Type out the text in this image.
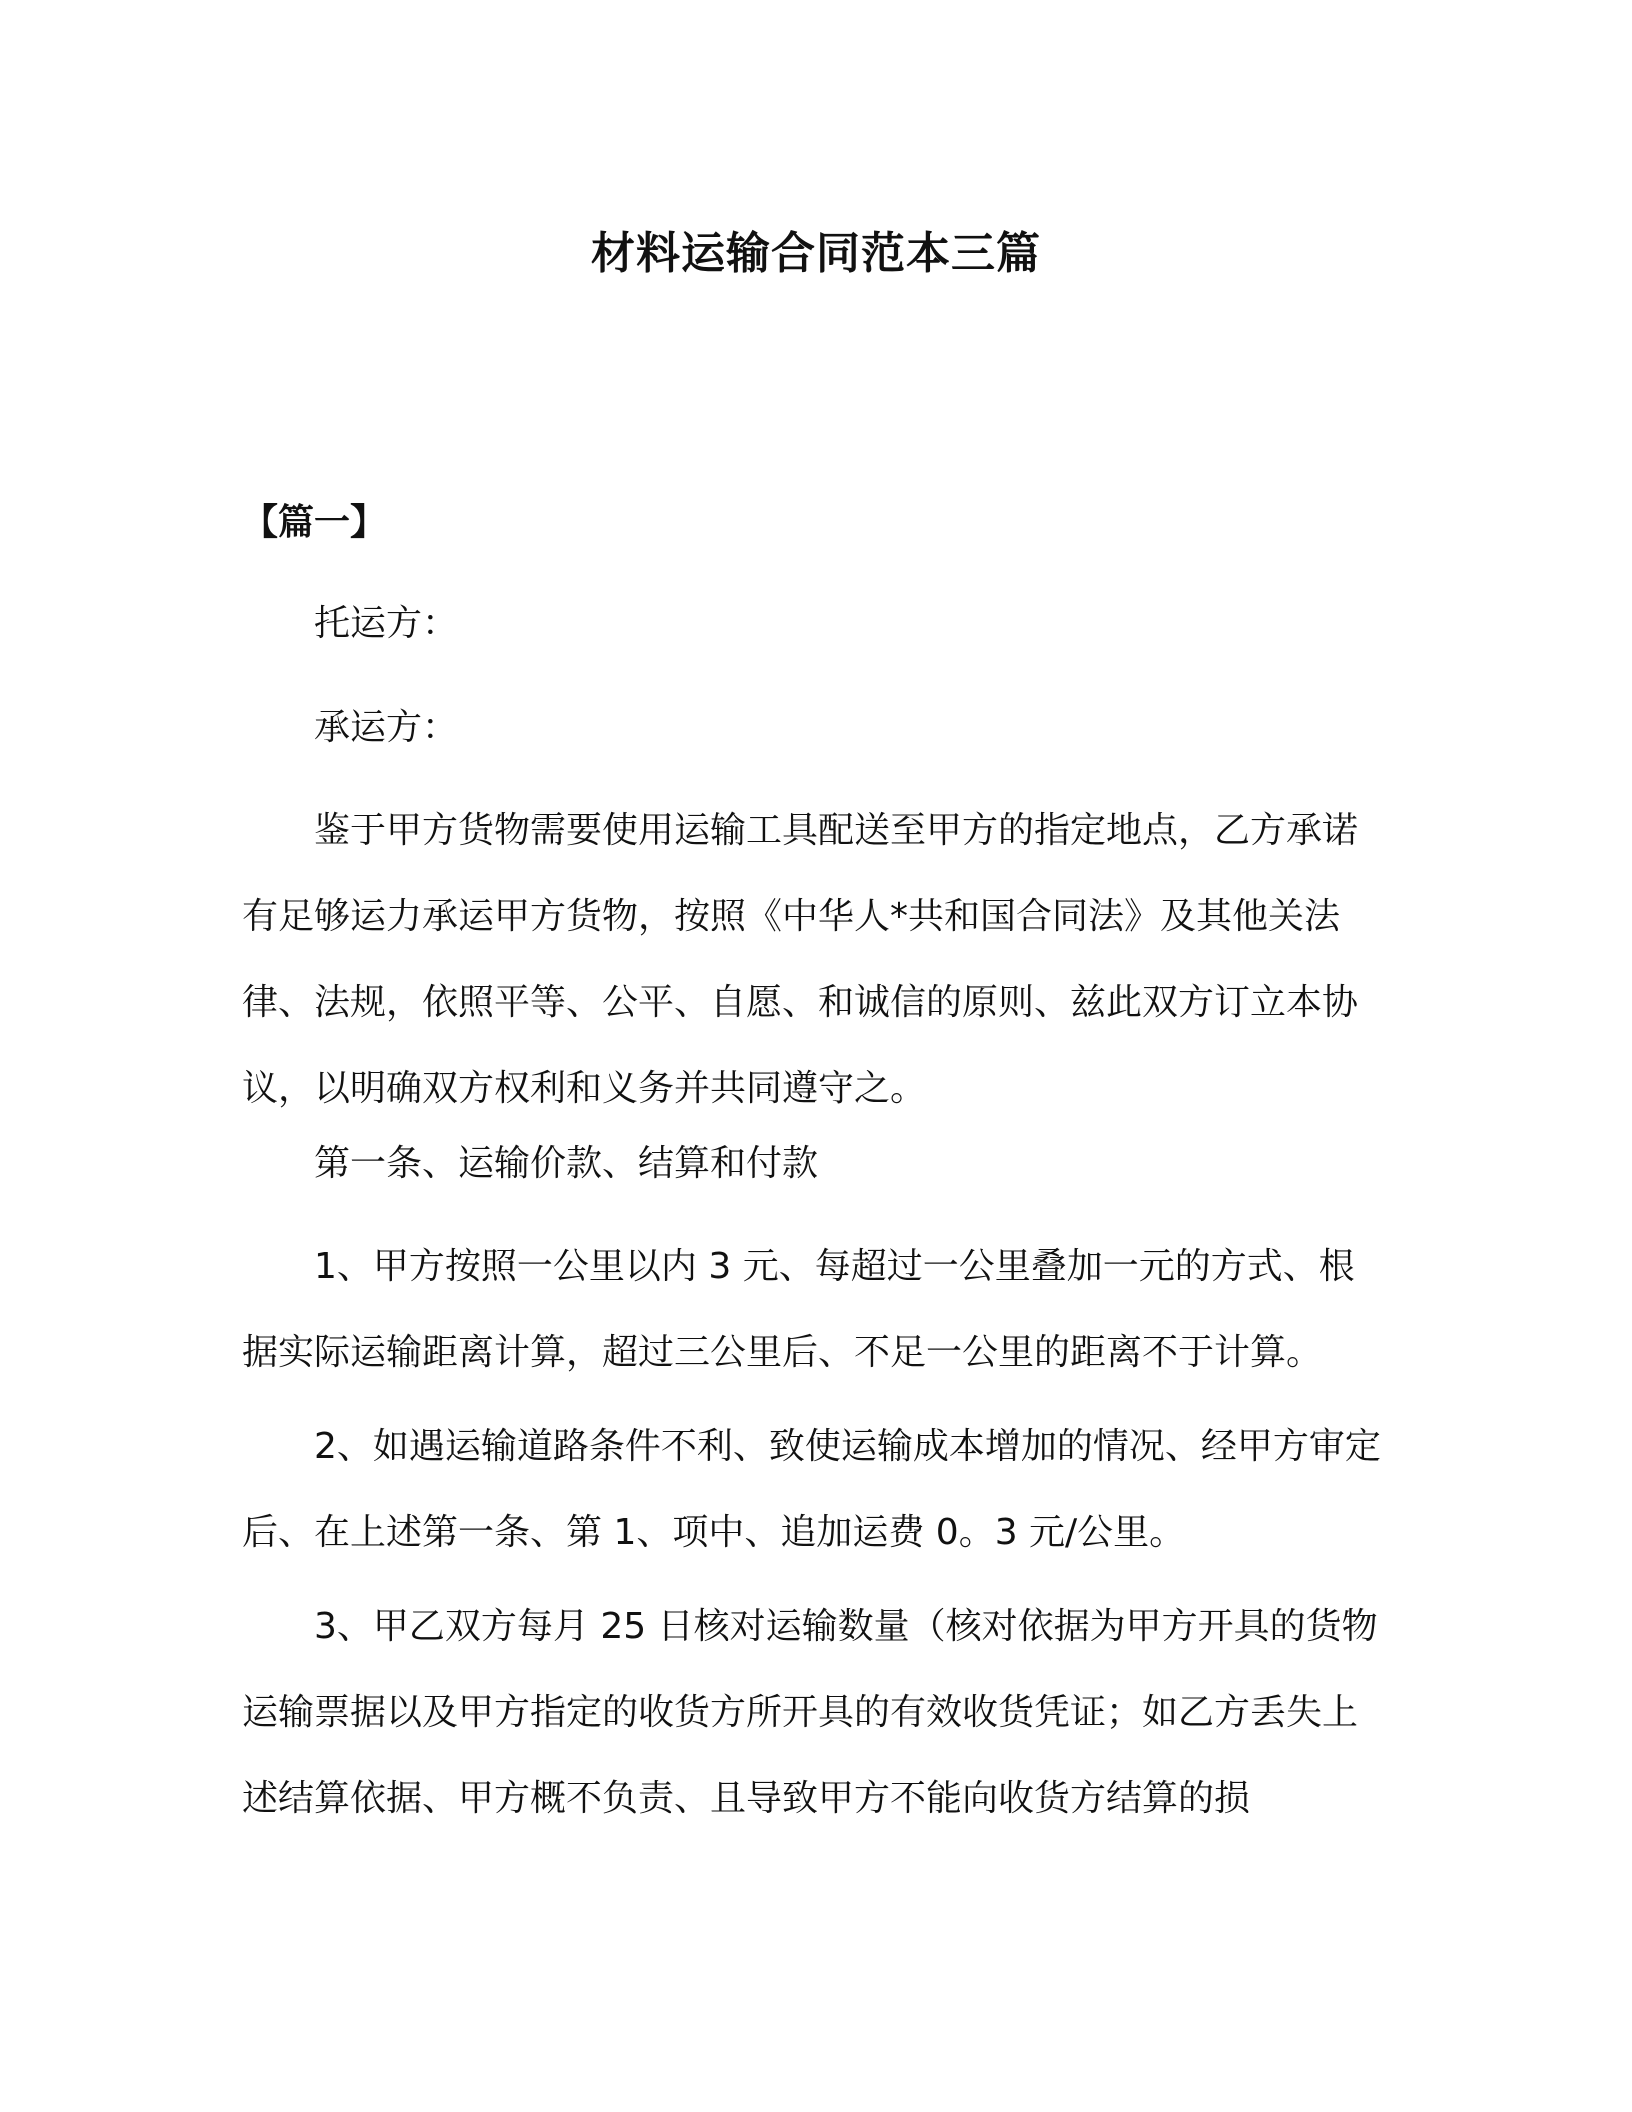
材料运输合同范本三篇
【篇一】
托运方：
承运方：

鉴于甲方货物需要使用运输工具配送至甲方的指定地点，乙方承诺有足够运力承运甲方货物，按照《中华人*共和国合同法》及其他关法律、法规，依照平等、公平、自愿、和诚信的原则、兹此双方订立本协议，以明确双方权利和义务并共同遵守之。

第一条、运输价款、结算和付款

1、甲方按照一公里以内 3 元、每超过一公里叠加一元的方式、根据实际运输距离计算，超过三公里后、不足一公里的距离不于计算。

2、如遇运输道路条件不利、致使运输成本增加的情况、经甲方审定后、在上述第一条、第 1、项中、追加运费 0。3 元/公里。

3、甲乙双方每月 25 日核对运输数量（核对依据为甲方开具的货物运输票据以及甲方指定的收货方所开具的有效收货凭证；如乙方丢失上述结算依据、甲方概不负责、且导致甲方不能向收货方结算的损
